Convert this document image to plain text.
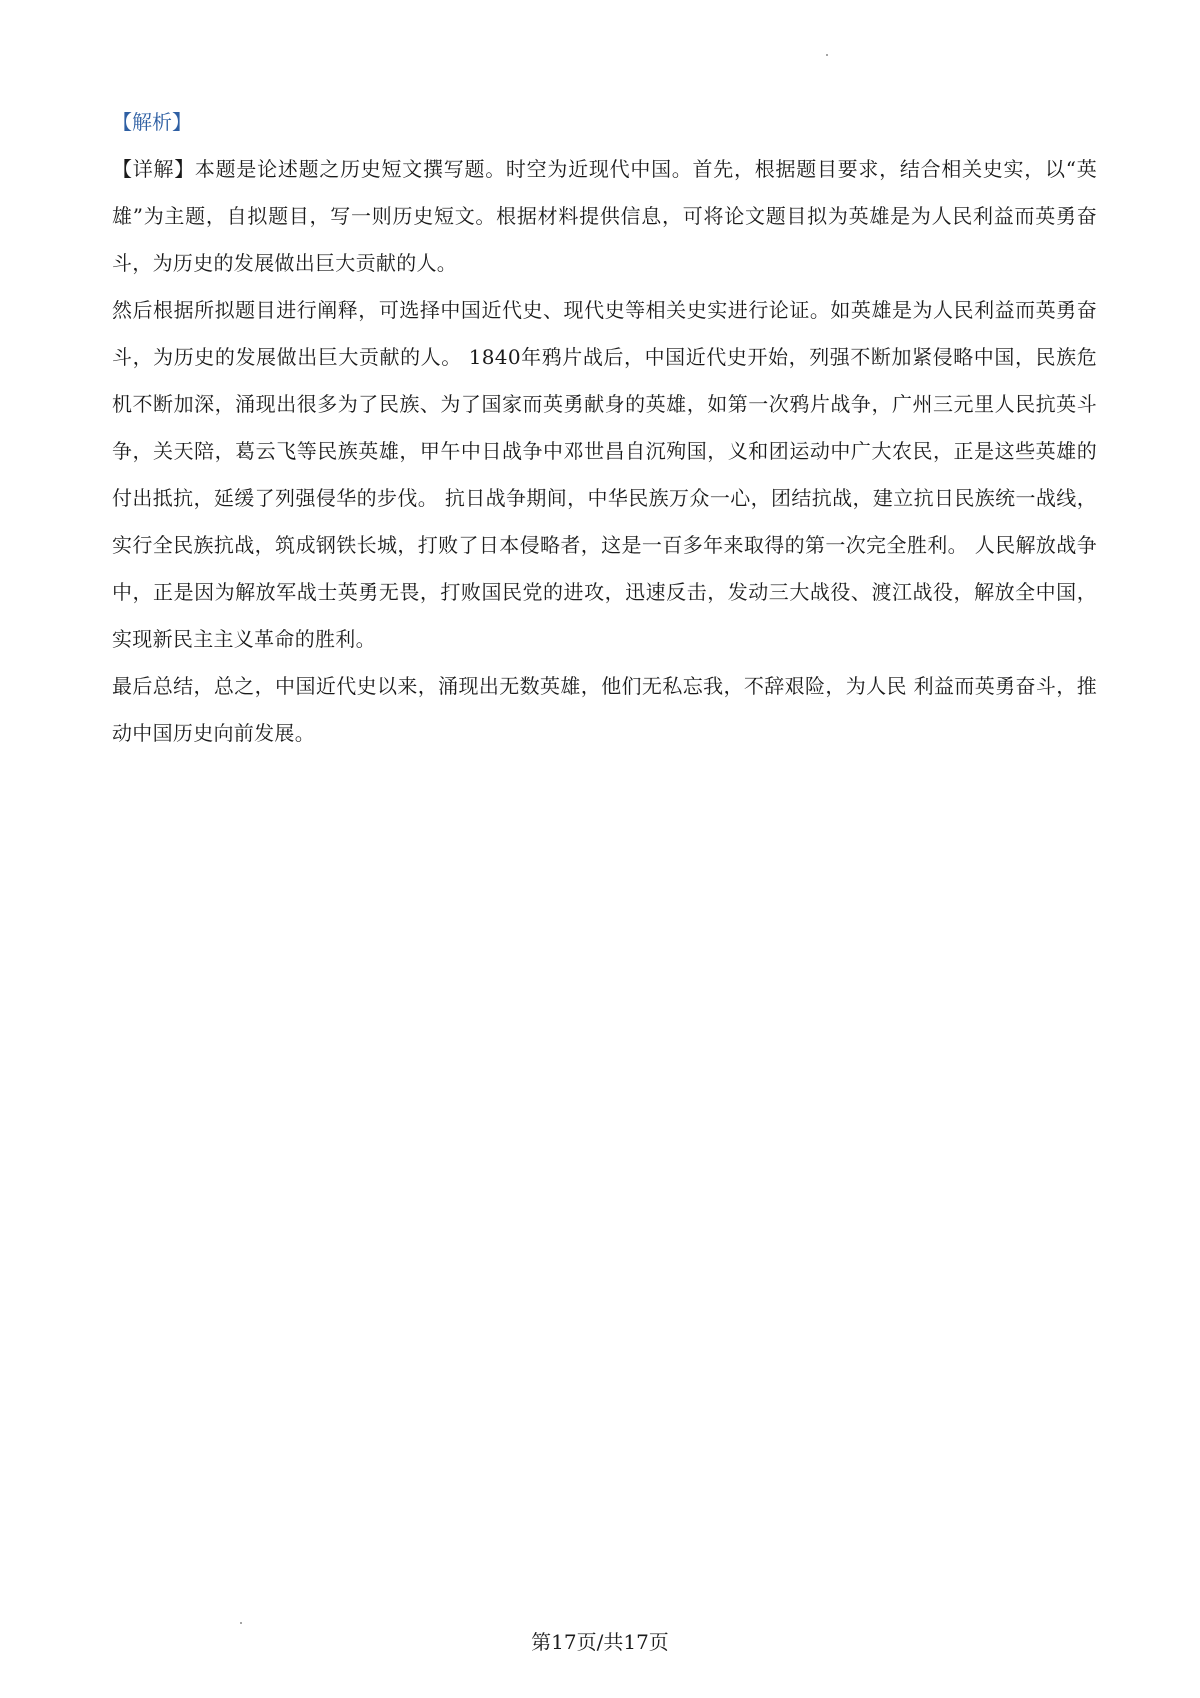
【解析】

【详解】本题是论述题之历史短文撰写题。时空为近现代中国。首先，根据题目要求，结合相关史实，以“英雄”为主题，自拟题目，写一则历史短文。根据材料提供信息，可将论文题目拟为英雄是为人民利益而英勇奋斗，为历史的发展做出巨大贡献的人。

然后根据所拟题目进行阐释，可选择中国近代史、现代史等相关史实进行论证。如英雄是为人民利益而英勇奋斗，为历史的发展做出巨大贡献的人。 1840年鸦片战后，中国近代史开始，列强不断加紧侵略中国，民族危机不断加深，涌现出很多为了民族、为了国家而英勇献身的英雄，如第一次鸦片战争，广州三元里人民抗英斗争，关天陪，葛云飞等民族英雄，甲午中日战争中邓世昌自沉殉国，义和团运动中广大农民，正是这些英雄的付出抵抗，延缓了列强侵华的步伐。 抗日战争期间，中华民族万众一心，团结抗战，建立抗日民族统一战线，实行全民族抗战，筑成钢铁长城，打败了日本侵略者，这是一百多年来取得的第一次完全胜利。 人民解放战争中，正是因为解放军战士英勇无畏，打败国民党的进攻，迅速反击，发动三大战役、渡江战役，解放全中国，实现新民主主义革命的胜利。

最后总结，总之，中国近代史以来，涌现出无数英雄，他们无私忘我，不辞艰险，为人民 利益而英勇奋斗，推动中国历史向前发展。

第17页/共17页
